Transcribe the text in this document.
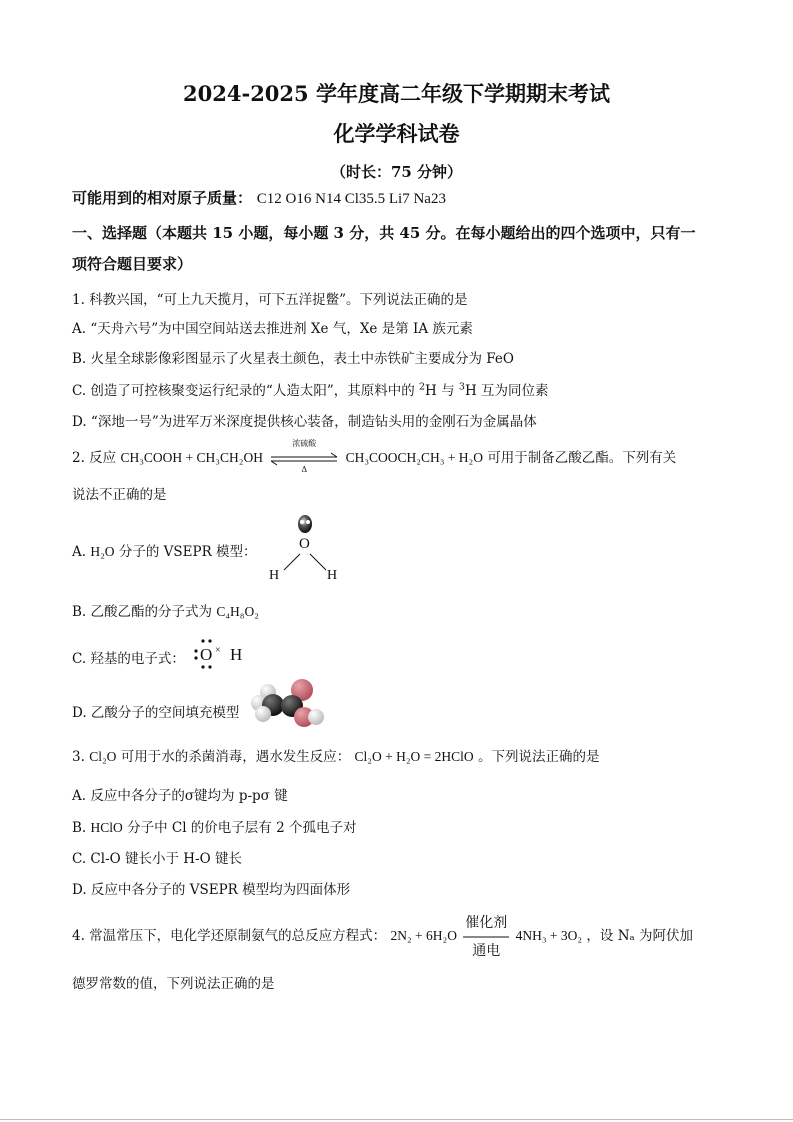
2024-2025 学年度高二年级下学期期末考试
化学学科试卷
（时长：75 分钟）
可能用到的相对原子质量： C12 O16 N14 Cl35.5 Li7 Na23
一、选择题（本题共 15 小题，每小题 3 分，共 45 分。在每小题给出的四个选项中，只有一
项符合题目要求）
1. 科教兴国，“可上九天揽月，可下五洋捉鳖”。下列说法正确的是
A. “天舟六号”为中国空间站送去推进剂 Xe 气，Xe 是第 IA 族元素
B. 火星全球影像彩图显示了火星表土颜色，表土中赤铁矿主要成分为 FeO
C. 创造了可控核聚变运行纪录的“人造太阳”，其原料中的 $^2$H 与 $^3$H 互为同位素
D. “深地一号”为进军万米深度提供核心装备，制造钻头用的金刚石为金属晶体
2. 反应 CH₃COOH + CH₃CH₂OH
浓硫酸
Δ
CH₃COOCH₂CH₃ + H₂O 可用于制备乙酸乙酯。下列有关
说法不正确的是
A. H₂O 分子的 VSEPR 模型：	O
H	H
B. 乙酸乙酯的分子式为 C₄H₈O₂
C. 羟基的电子式： O × H
D. 乙酸分子的空间填充模型
3. Cl₂O 可用于水的杀菌消毒，遇水发生反应： Cl₂O + H₂O = 2HClO 。下列说法正确的是
A. 反应中各分子的σ键均为 p-pσ 键
B. HClO 分子中 Cl 的价电子层有 2 个孤电子对
C. Cl-O 键长小于 H-O 键长
D. 反应中各分子的 VSEPR 模型均为四面体形
4. 常温常压下，电化学还原制氨气的总反应方程式： 2N₂ + 6H₂O
催化剂
通电
4NH₃ + 3O₂ ，设 Nₐ 为阿伏加
德罗常数的值，下列说法正确的是
